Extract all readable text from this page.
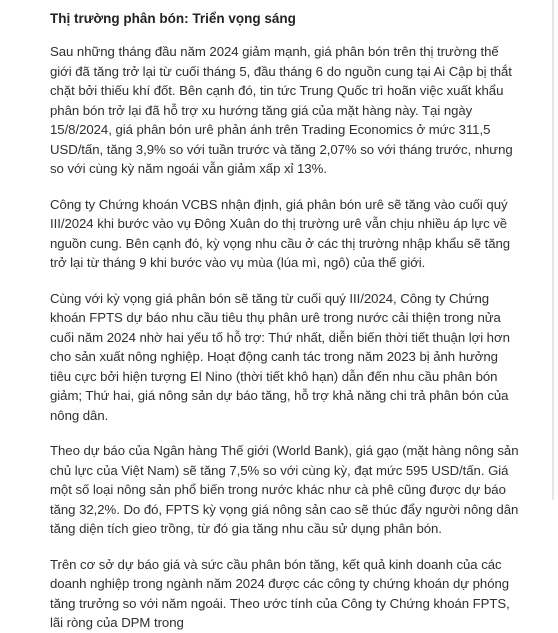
Thị trường phân bón: Triển vọng sáng

Sau những tháng đầu năm 2024 giảm mạnh, giá phân bón trên thị trường thế giới đã tăng trở lại từ cuối tháng 5, đầu tháng 6 do nguồn cung tại Ai Cập bị thắt chặt bởi thiếu khí đốt. Bên cạnh đó, tin tức Trung Quốc trì hoãn việc xuất khẩu phân bón trở lại đã hỗ trợ xu hướng tăng giá của mặt hàng này. Tại ngày 15/8/2024, giá phân bón urê phản ánh trên Trading Economics ở mức 311,5 USD/tấn, tăng 3,9% so với tuần trước và tăng 2,07% so với tháng trước, nhưng so với cùng kỳ năm ngoái vẫn giảm xấp xỉ 13%.

Công ty Chứng khoán VCBS nhận định, giá phân bón urê sẽ tăng vào cuối quý III/2024 khi bước vào vụ Đông Xuân do thị trường urê vẫn chịu nhiều áp lực về nguồn cung. Bên cạnh đó, kỳ vọng nhu cầu ở các thị trường nhập khẩu sẽ tăng trở lại từ tháng 9 khi bước vào vụ mùa (lúa mì, ngô) của thế giới.

Cùng với kỳ vọng giá phân bón sẽ tăng từ cuối quý III/2024, Công ty Chứng khoán FPTS dự báo nhu cầu tiêu thụ phân urê trong nước cải thiện trong nửa cuối năm 2024 nhờ hai yếu tố hỗ trợ: Thứ nhất, diễn biến thời tiết thuận lợi hơn cho sản xuất nông nghiệp. Hoạt động canh tác trong năm 2023 bị ảnh hưởng tiêu cực bởi hiện tượng El Nino (thời tiết khô hạn) dẫn đến nhu cầu phân bón giảm; Thứ hai, giá nông sản dự báo tăng, hỗ trợ khả năng chi trả phân bón của nông dân.

Theo dự báo của Ngân hàng Thế giới (World Bank), giá gạo (mặt hàng nông sản chủ lực của Việt Nam) sẽ tăng 7,5% so với cùng kỳ, đạt mức 595 USD/tấn. Giá một số loại nông sản phổ biến trong nước khác như cà phê cũng được dự báo tăng 32,2%. Do đó, FPTS kỳ vọng giá nông sản cao sẽ thúc đẩy người nông dân tăng diện tích gieo trồng, từ đó gia tăng nhu cầu sử dụng phân bón.

Trên cơ sở dự báo giá và sức cầu phân bón tăng, kết quả kinh doanh của các doanh nghiệp trong ngành năm 2024 được các công ty chứng khoán dự phóng tăng trưởng so với năm ngoái. Theo ước tính của Công ty Chứng khoán FPTS, lãi ròng của DPM trong
